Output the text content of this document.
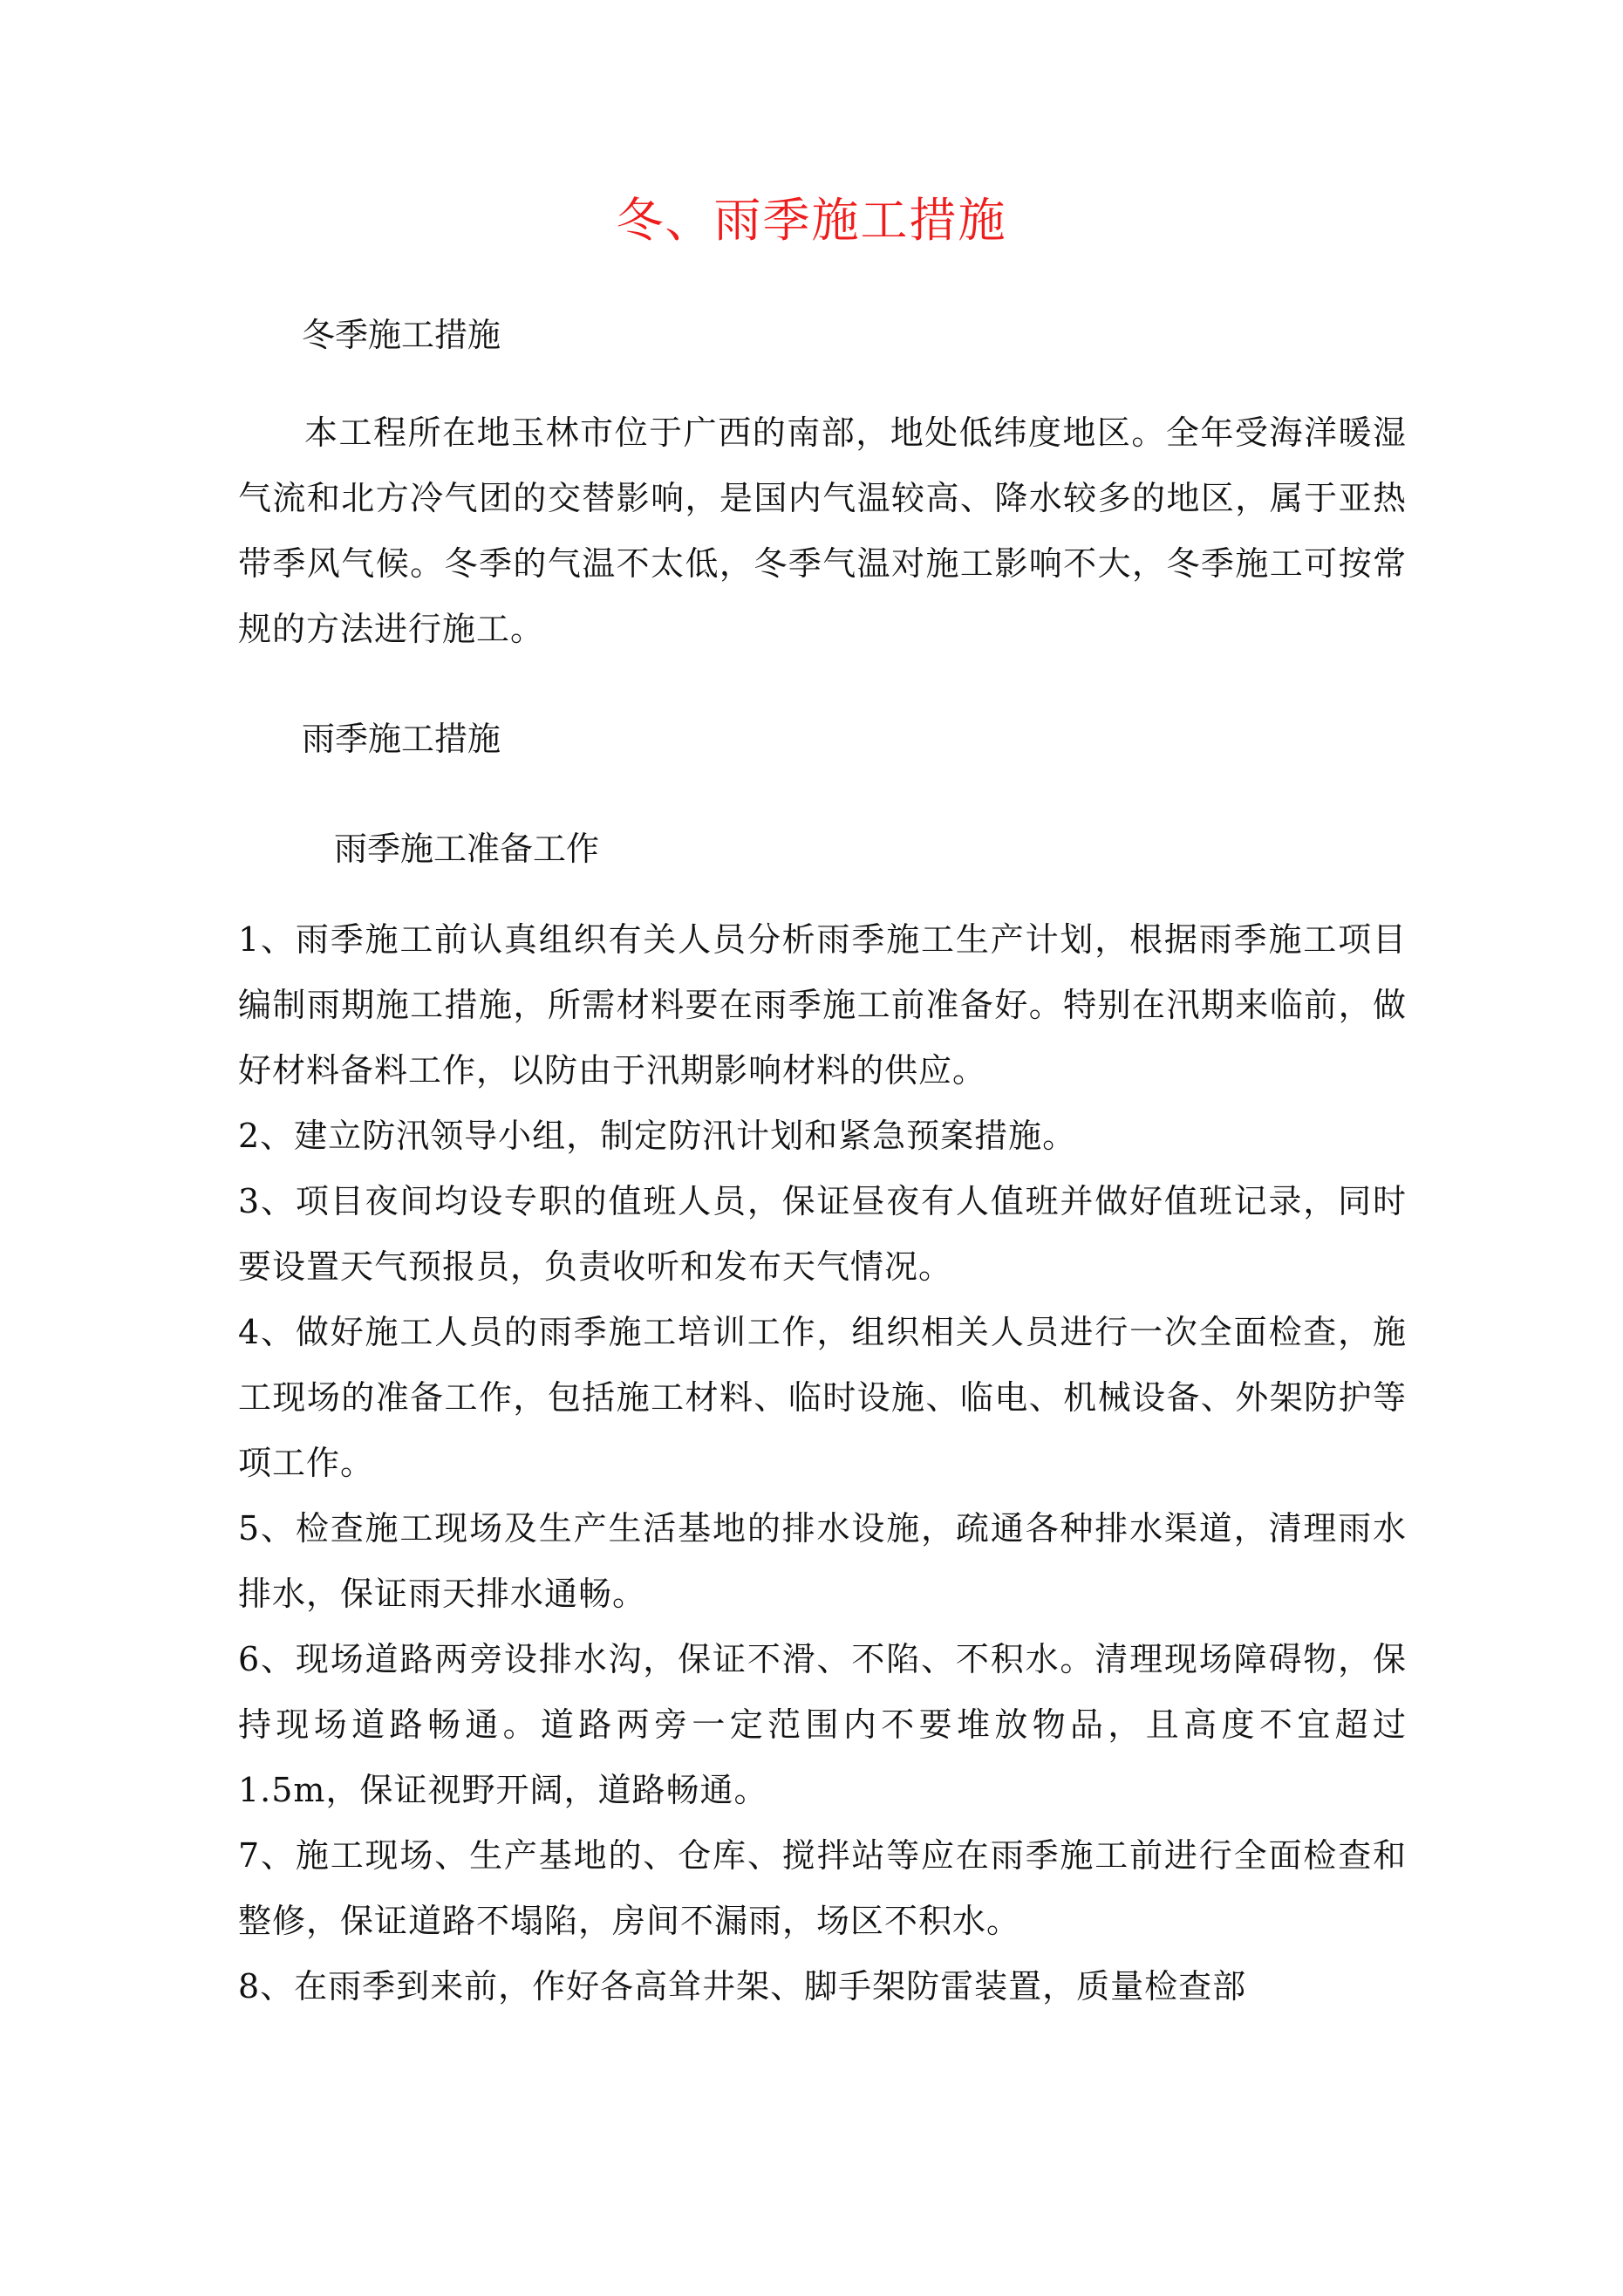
冬、雨季施工措施
冬季施工措施

本工程所在地玉林市位于广西的南部，地处低纬度地区。全年受海洋暖湿气流和北方冷气团的交替影响，是国内气温较高、降水较多的地区，属于亚热带季风气候。冬季的气温不太低，冬季气温对施工影响不大，冬季施工可按常规的方法进行施工。

雨季施工措施
雨季施工准备工作

1、雨季施工前认真组织有关人员分析雨季施工生产计划，根据雨季施工项目编制雨期施工措施，所需材料要在雨季施工前准备好。特别在汛期来临前，做好材料备料工作，以防由于汛期影响材料的供应。

2、建立防汛领导小组，制定防汛计划和紧急预案措施。

3、项目夜间均设专职的值班人员，保证昼夜有人值班并做好值班记录，同时要设置天气预报员，负责收听和发布天气情况。

4、做好施工人员的雨季施工培训工作，组织相关人员进行一次全面检查，施工现场的准备工作，包括施工材料、临时设施、临电、机械设备、外架防护等项工作。

5、检查施工现场及生产生活基地的排水设施，疏通各种排水渠道，清理雨水排水，保证雨天排水通畅。

6、现场道路两旁设排水沟，保证不滑、不陷、不积水。清理现场障碍物，保持现场道路畅通。道路两旁一定范围内不要堆放物品，且高度不宜超过1.5m，保证视野开阔，道路畅通。

7、施工现场、生产基地的、仓库、搅拌站等应在雨季施工前进行全面检查和整修，保证道路不塌陷，房间不漏雨，场区不积水。

8、在雨季到来前，作好各高耸井架、脚手架防雷装置，质量检查部
